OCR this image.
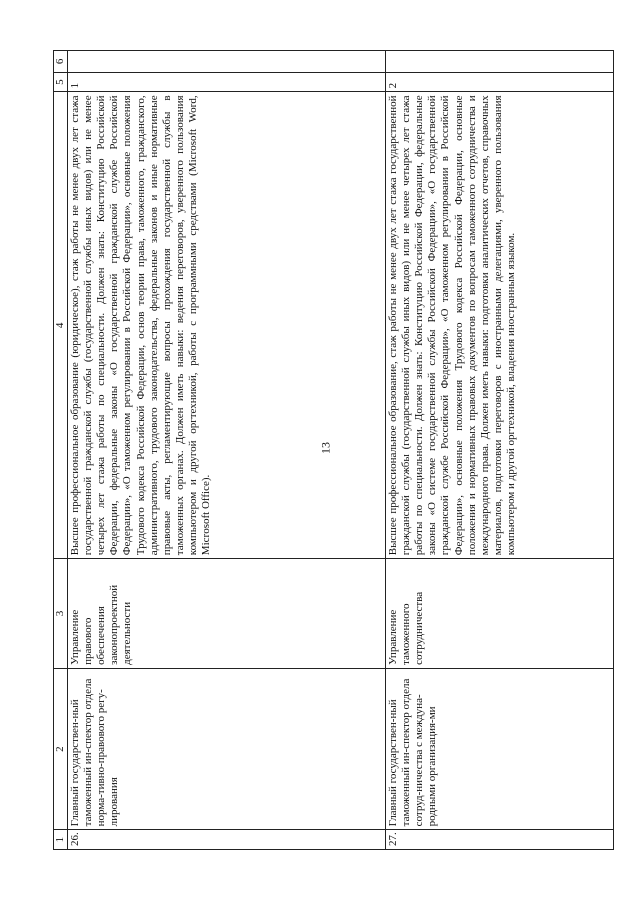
13
1	2	3	4	5	6
26.	Главный государствен-ный таможенный ин-спектор отдела норма-тивно-правового регу-лирования	Управление правового обеспечения законопроектной деятельности	Высшее профессиональное образование (юридическое), стаж работы не менее двух лет стажа государственной гражданской службы (государственной службы иных видов) или не менее четырех лет стажа работы по специальности. Должен знать: Конституцию Российской Федерации, федеральные законы «О государственной гражданской службе Российской Федерации», «О таможенном регулировании в Российской Федерации», основные положения Трудового кодекса Российской Федерации, основ теории права, таможенного, гражданского, административного, трудового законодательства, федеральные законов и иные нормативные правовые акты, регламентирующие вопросы прохождения государственной службы в таможенных органах. Должен иметь навыки: ведения переговоров, уверенного пользования компьютером и другой оргтехникой, работы с программными средствами (Microsoft Word, Microsoft Office).	1	
27.	Главный государствен-ный таможенный ин-спектор отдела сотруд-ничества с междуна-родными организация-ми	Управление таможенного сотрудничества	Высшее профессиональное образование, стаж работы не менее двух лет стажа государственной гражданской службы (государственной службы иных видов) или не менее четырех лет стажа работы по специальности. Должен знать: Конституцию Российской Федерации, федеральные законы «О системе государственной службы Российской Федерации», «О государственной гражданской службе Российской Федерации», «О таможенном регулировании в Российской Федерации», основные положения Трудового кодекса Российской Федерации, основные положения и нормативных правовых документов по вопросам таможенного сотрудничества и международного права. Должен иметь навыки: подготовки аналитических отчетов, справочных материалов, подготовки переговоров с иностранными делегациями, уверенного пользования компьютером и другой оргтехникой, владения иностранным языком.	2	
